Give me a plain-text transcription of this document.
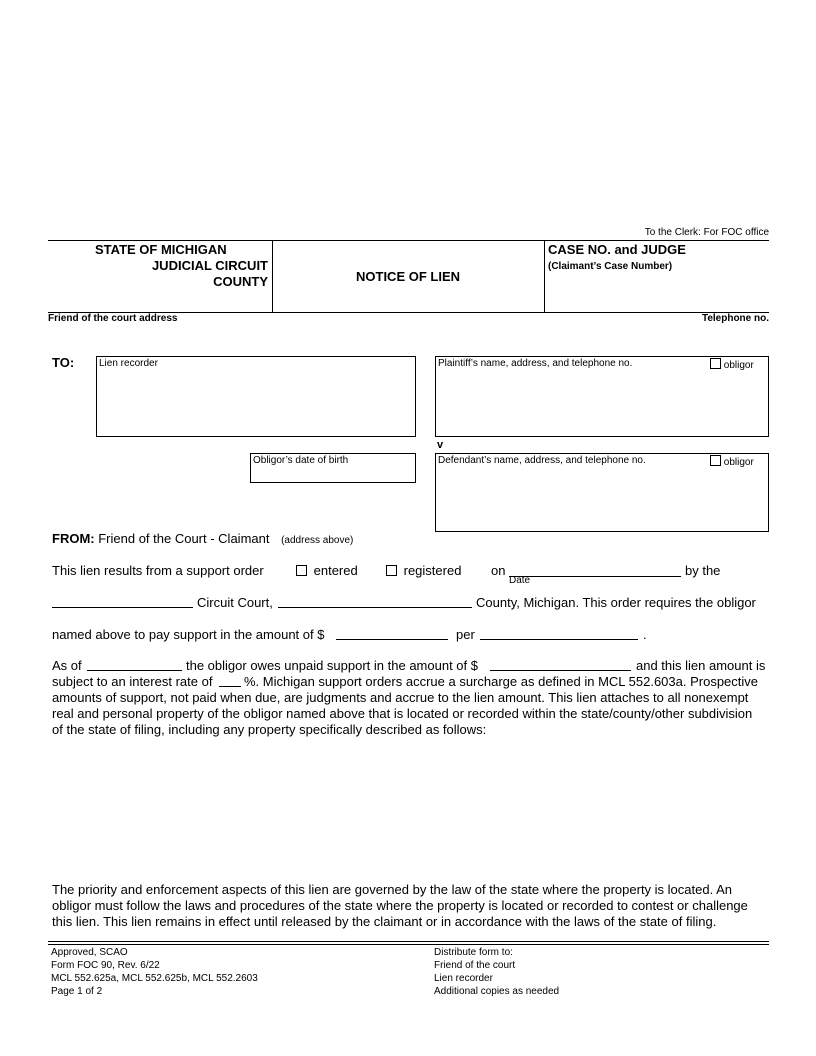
To the Clerk: For FOC office
STATE OF MICHIGAN
JUDICIAL CIRCUIT
COUNTY	NOTICE OF LIEN
CASE NO. and JUDGE
(Claimant’s Case Number)
Friend of the court address	Telephone no.
TO: Lien recorder	Plaintiff’s name, address, and telephone no.	obligor
v
Obligor’s date of birth	Defendant’s name, address, and telephone no.	obligor
FROM: Friend of the Court - Claimant (address above)
This lien results from a support order	entered	registered on
Date
by the
Circuit Court,	County, Michigan. This order requires the obligor
named above to pay support in the amount of $	per	.
As of	the obligor owes unpaid support in the amount of $	and this lien amount is
subject to an interest rate of %. Michigan support orders accrue a surcharge as defined in MCL 552.603a. Prospective
amounts of support, not paid when due, are judgments and accrue to the lien amount. This lien attaches to all nonexempt
real and personal property of the obligor named above that is located or recorded within the state/county/other subdivision
of the state of filing, including any property specifically described as follows:
The priority and enforcement aspects of this lien are governed by the law of the state where the property is located. An
obligor must follow the laws and procedures of the state where the property is located or recorded to contest or challenge
this lien. This lien remains in effect until released by the claimant or in accordance with the laws of the state of filing.
Approved, SCAO
Form FOC 90, Rev. 6/22
MCL 552.625a, MCL 552.625b, MCL 552.2603
Page 1 of 2
Distribute form to:
Friend of the court
Lien recorder
Additional copies as needed
